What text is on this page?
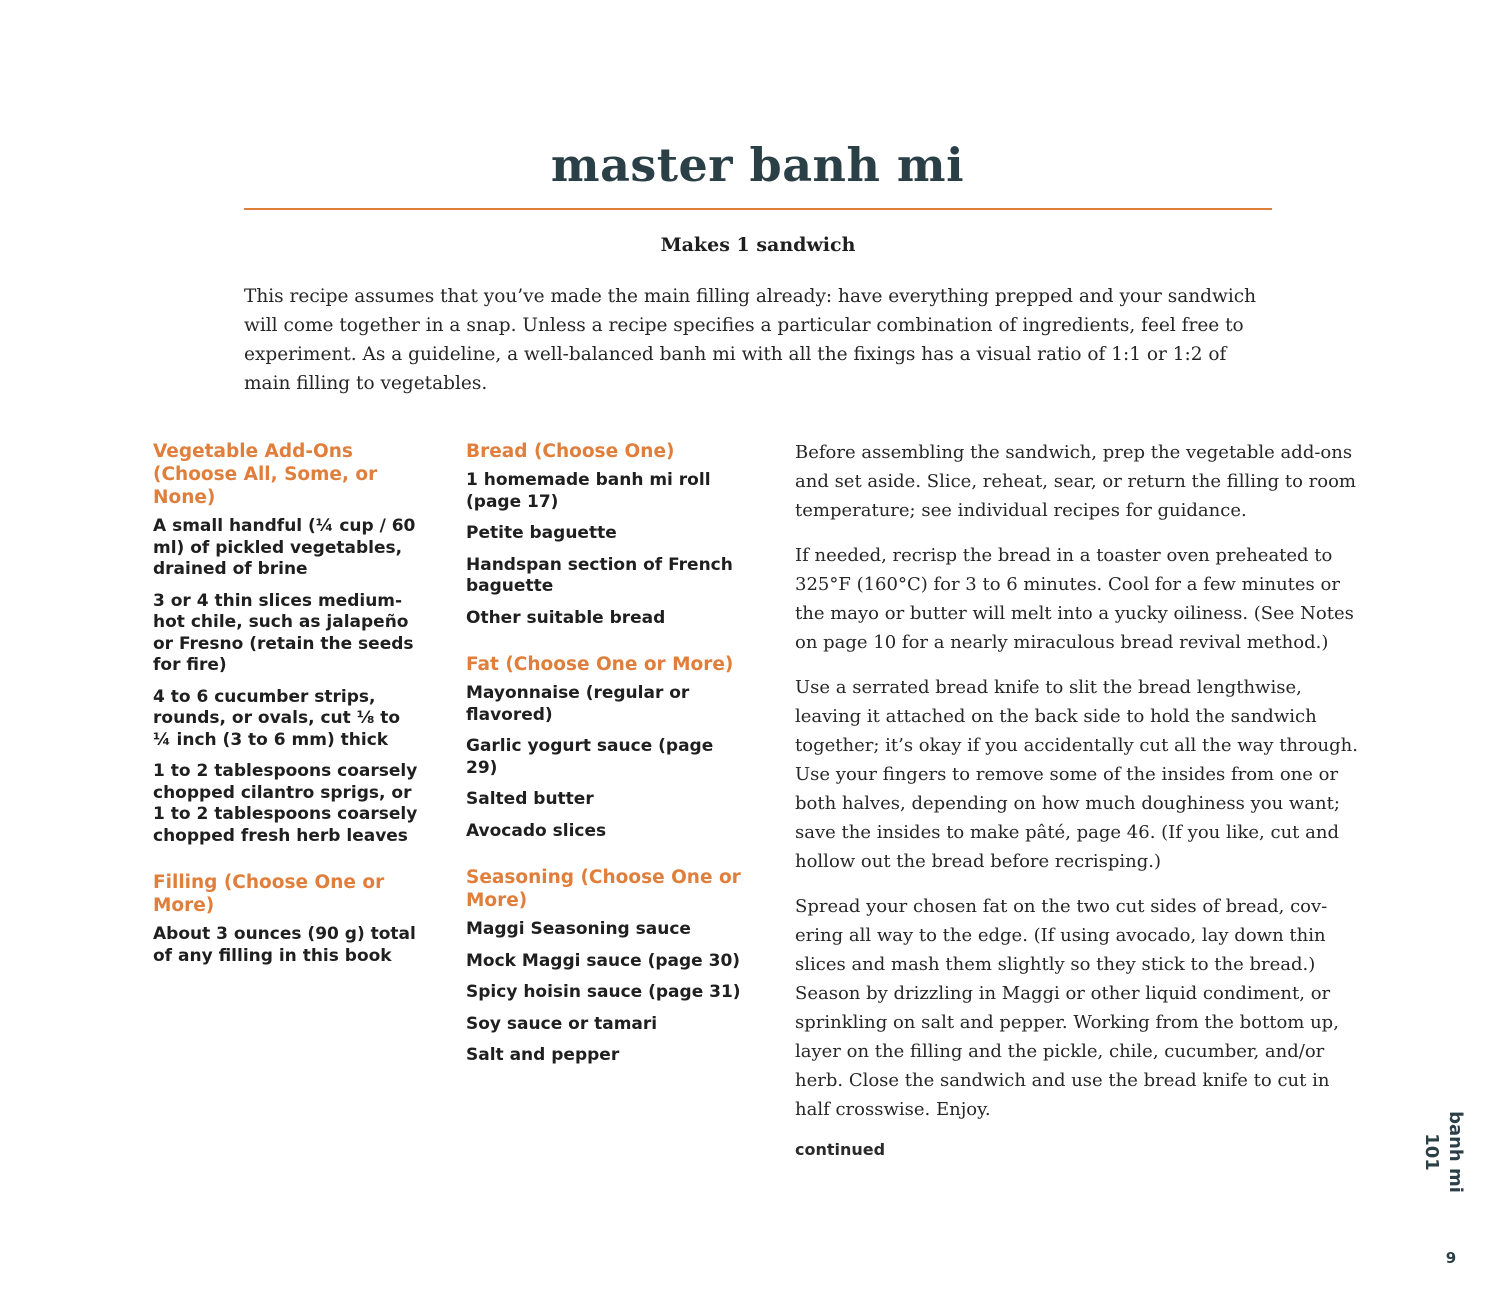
master banh mi
Makes 1 sandwich

This recipe assumes that you’ve made the main filling already: have everything prepped and your sandwich will come together in a snap. Unless a recipe specifies a particular combination of ingredients, feel free to experiment. As a guideline, a well-balanced banh mi with all the fixings has a visual ratio of 1:1 or 1:2 of main filling to vegetables.

Vegetable Add-Ons (Choose All, Some, or None)

A small handful (¼ cup / 60 ml) of pickled vegetables, drained of brine

3 or 4 thin slices medium-hot chile, such as jalapeño or Fresno (retain the seeds for fire)

4 to 6 cucumber strips, rounds, or ovals, cut ⅛ to ¼ inch (3 to 6 mm) thick

1 to 2 tablespoons coarsely chopped cilantro sprigs, or 1 to 2 tablespoons coarsely chopped fresh herb leaves

Filling (Choose One or More)

About 3 ounces (90 g) total of any filling in this book

Bread (Choose One)

1 homemade banh mi roll (page 17)

Petite baguette

Handspan section of French baguette

Other suitable bread

Fat (Choose One or More)

Mayonnaise (regular or flavored)

Garlic yogurt sauce (page 29)

Salted butter

Avocado slices

Seasoning (Choose One or More)

Maggi Seasoning sauce

Mock Maggi sauce (page 30)

Spicy hoisin sauce (page 31)

Soy sauce or tamari

Salt and pepper

Before assembling the sandwich, prep the vegetable add-ons and set aside. Slice, reheat, sear, or return the filling to room temperature; see individual recipes for guidance.

If needed, recrisp the bread in a toaster oven preheated to 325°F (160°C) for 3 to 6 minutes. Cool for a few minutes or the mayo or butter will melt into a yucky oiliness. (See Notes on page 10 for a nearly miraculous bread revival method.)

Use a serrated bread knife to slit the bread lengthwise, leaving it attached on the back side to hold the sandwich together; it’s okay if you accidentally cut all the way through. Use your fingers to remove some of the insides from one or both halves, depending on how much doughiness you want; save the insides to make pâté, page 46. (If you like, cut and hollow out the bread before recrisping.)

Spread your chosen fat on the two cut sides of bread, covering all way to the edge. (If using avocado, lay down thin slices and mash them slightly so they stick to the bread.) Season by drizzling in Maggi or other liquid condiment, or sprinkling on salt and pepper. Working from the bottom up, layer on the filling and the pickle, chile, cucumber, and/or herb. Close the sandwich and use the bread knife to cut in half crosswise. Enjoy.

continued	banh mi 101
9
